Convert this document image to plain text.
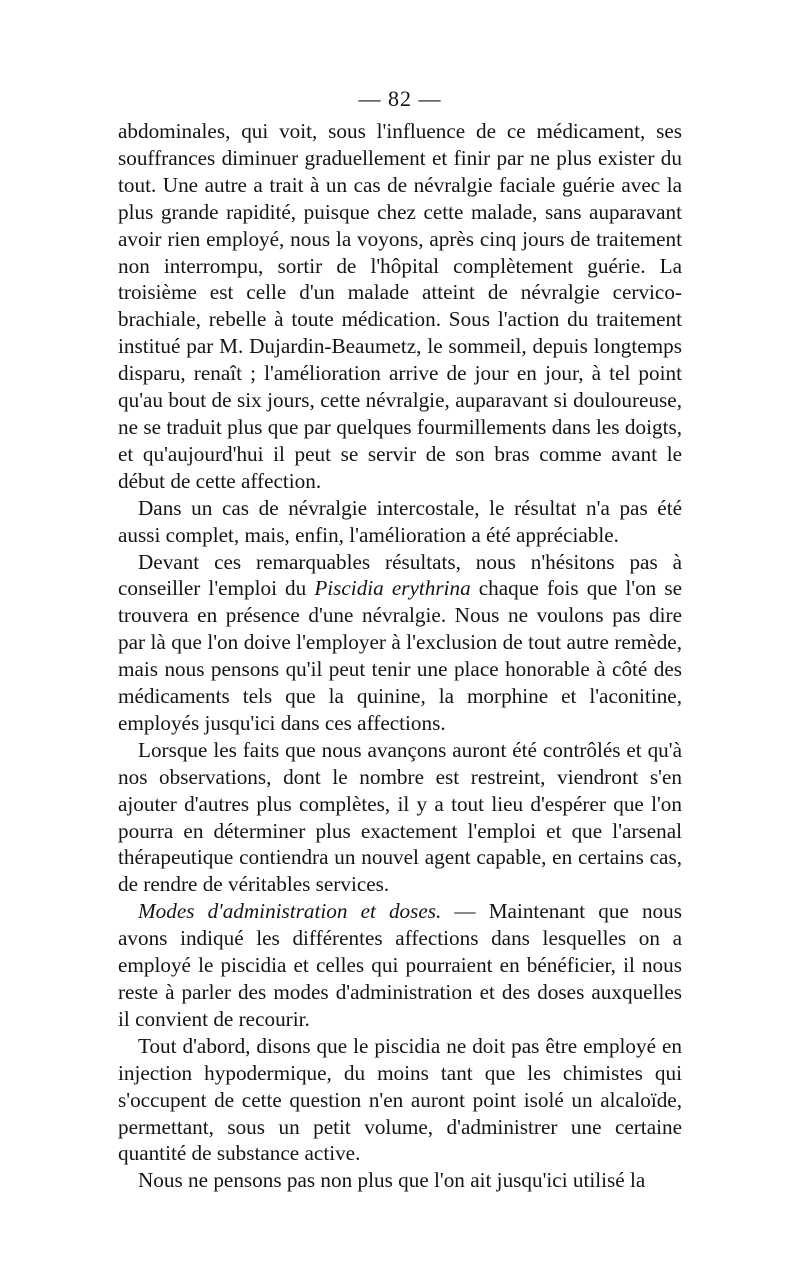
— 82 —

abdominales, qui voit, sous l'influence de ce médicament, ses souffrances diminuer graduellement et finir par ne plus exister du tout. Une autre a trait à un cas de névralgie faciale guérie avec la plus grande rapidité, puisque chez cette malade, sans auparavant avoir rien employé, nous la voyons, après cinq jours de traitement non interrompu, sortir de l'hôpital complètement guérie. La troisième est celle d'un malade atteint de névralgie cervico-brachiale, rebelle à toute médication. Sous l'action du traitement institué par M. Dujardin-Beaumetz, le sommeil, depuis longtemps disparu, renaît ; l'amélioration arrive de jour en jour, à tel point qu'au bout de six jours, cette névralgie, auparavant si douloureuse, ne se traduit plus que par quelques fourmillements dans les doigts, et qu'aujourd'hui il peut se servir de son bras comme avant le début de cette affection.

Dans un cas de névralgie intercostale, le résultat n'a pas été aussi complet, mais, enfin, l'amélioration a été appréciable.

Devant ces remarquables résultats, nous n'hésitons pas à conseiller l'emploi du Piscidia erythrina chaque fois que l'on se trouvera en présence d'une névralgie. Nous ne voulons pas dire par là que l'on doive l'employer à l'exclusion de tout autre remède, mais nous pensons qu'il peut tenir une place honorable à côté des médicaments tels que la quinine, la morphine et l'aconitine, employés jusqu'ici dans ces affections.

Lorsque les faits que nous avançons auront été contrôlés et qu'à nos observations, dont le nombre est restreint, viendront s'en ajouter d'autres plus complètes, il y a tout lieu d'espérer que l'on pourra en déterminer plus exactement l'emploi et que l'arsenal thérapeutique contiendra un nouvel agent capable, en certains cas, de rendre de véritables services.

Modes d'administration et doses. — Maintenant que nous avons indiqué les différentes affections dans lesquelles on a employé le piscidia et celles qui pourraient en bénéficier, il nous reste à parler des modes d'administration et des doses auxquelles il convient de recourir.

Tout d'abord, disons que le piscidia ne doit pas être employé en injection hypodermique, du moins tant que les chimistes qui s'occupent de cette question n'en auront point isolé un alcaloïde, permettant, sous un petit volume, d'administrer une certaine quantité de substance active.

Nous ne pensons pas non plus que l'on ait jusqu'ici utilisé la
